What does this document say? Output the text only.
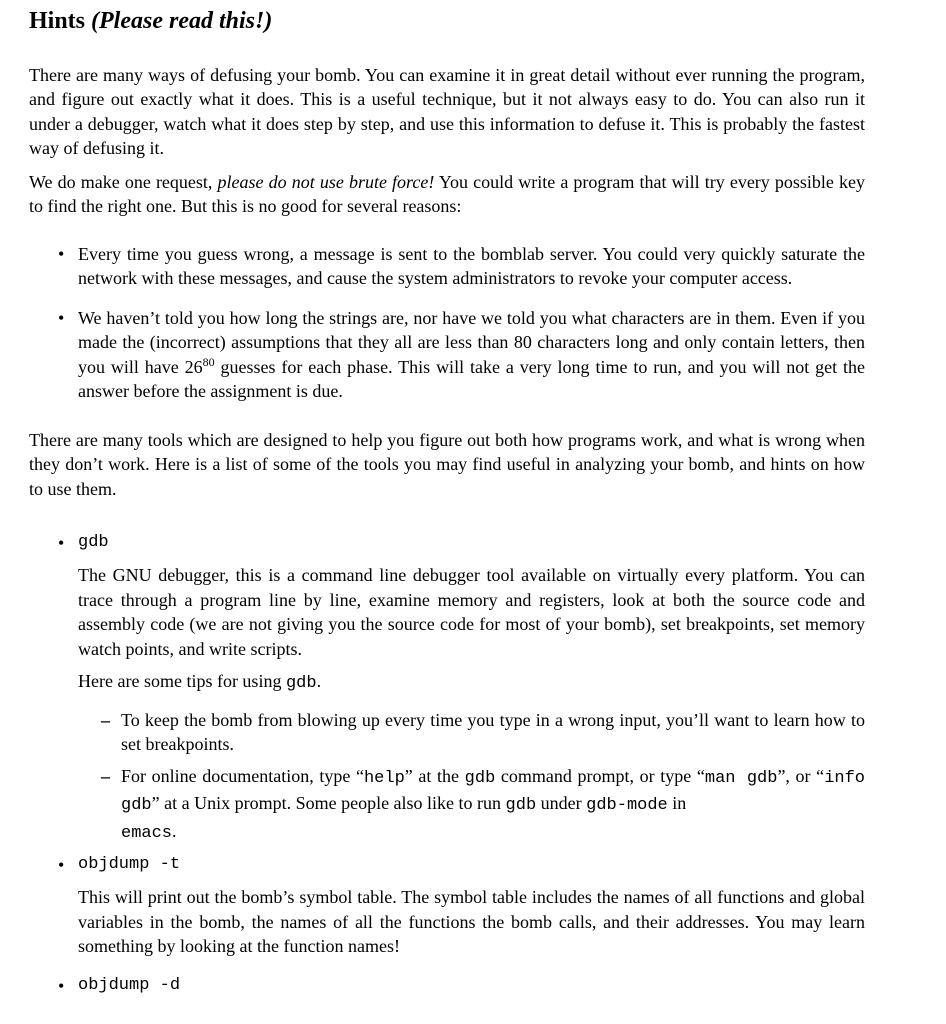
Hints (Please read this!)

There are many ways of defusing your bomb. You can examine it in great detail without ever running the program, and figure out exactly what it does. This is a useful technique, but it not always easy to do. You can also run it under a debugger, watch what it does step by step, and use this information to defuse it. This is probably the fastest way of defusing it.

We do make one request, please do not use brute force! You could write a program that will try every possible key to find the right one. But this is no good for several reasons:

• Every time you guess wrong, a message is sent to the bomblab server. You could very quickly saturate the network with these messages, and cause the system administrators to revoke your computer access.

• We haven’t told you how long the strings are, nor have we told you what characters are in them. Even if you made the (incorrect) assumptions that they all are less than 80 characters long and only contain letters, then you will have $26^{80}$ guesses for each phase. This will take a very long time to run, and you will not get the answer before the assignment is due.

There are many tools which are designed to help you figure out both how programs work, and what is wrong when they don’t work. Here is a list of some of the tools you may find useful in analyzing your bomb, and hints on how to use them.

• gdb

The GNU debugger, this is a command line debugger tool available on virtually every platform. You can trace through a program line by line, examine memory and registers, look at both the source code and assembly code (we are not giving you the source code for most of your bomb), set breakpoints, set memory watch points, and write scripts.

Here are some tips for using gdb.

– To keep the bomb from blowing up every time you type in a wrong input, you’ll want to learn how to set breakpoints.

– For online documentation, type “help” at the gdb command prompt, or type “man gdb”, or “info gdb” at a Unix prompt. Some people also like to run gdb under gdb-mode in
emacs.

• objdump -t

This will print out the bomb’s symbol table. The symbol table includes the names of all functions and global variables in the bomb, the names of all the functions the bomb calls, and their addresses. You may learn something by looking at the function names!

• objdump -d
